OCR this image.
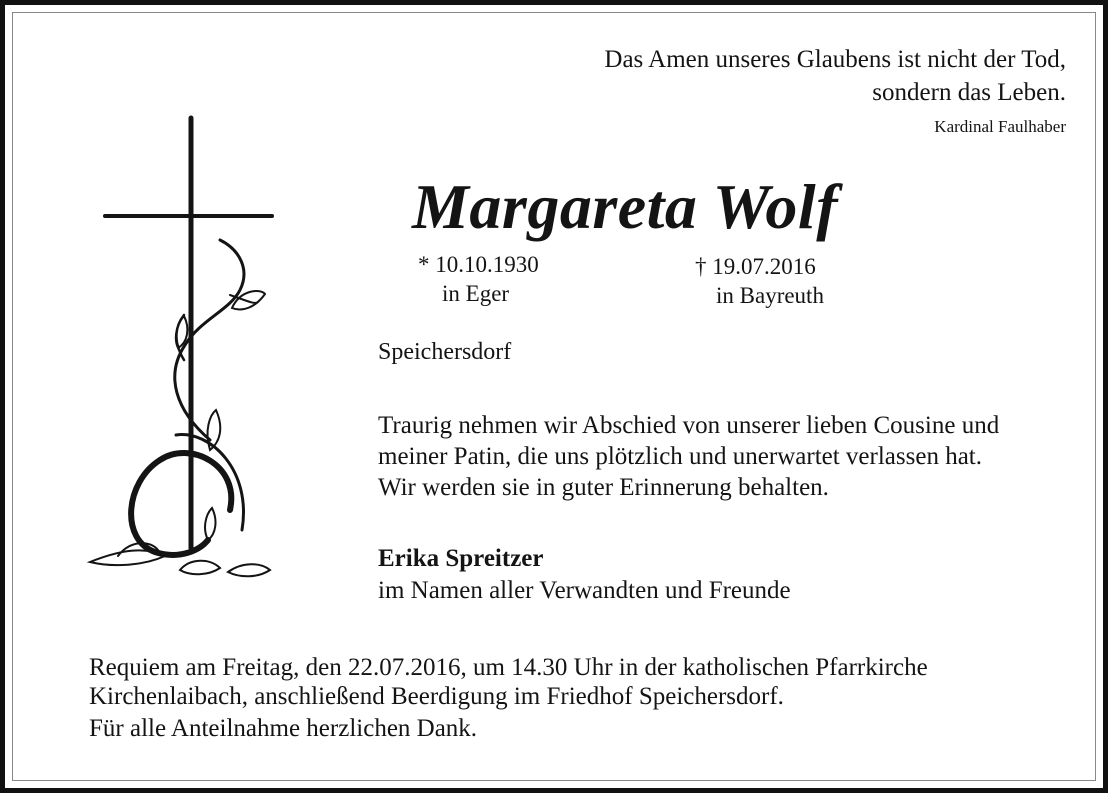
Das Amen unseres Glaubens ist nicht der Tod,
sondern das Leben.
Kardinal Faulhaber
Margareta Wolf
* 10.10.1930
in Eger
† 19.07.2016
in Bayreuth
Speichersdorf
Traurig nehmen wir Abschied von unserer lieben Cousine und
meiner Patin, die uns plötzlich und unerwartet verlassen hat.
Wir werden sie in guter Erinnerung behalten.
Erika Spreitzer
im Namen aller Verwandten und Freunde
Requiem am Freitag, den 22.07.2016, um 14.30 Uhr in der katholischen Pfarrkirche
Kirchenlaibach, anschließend Beerdigung im Friedhof Speichersdorf.
Für alle Anteilnahme herzlichen Dank.
